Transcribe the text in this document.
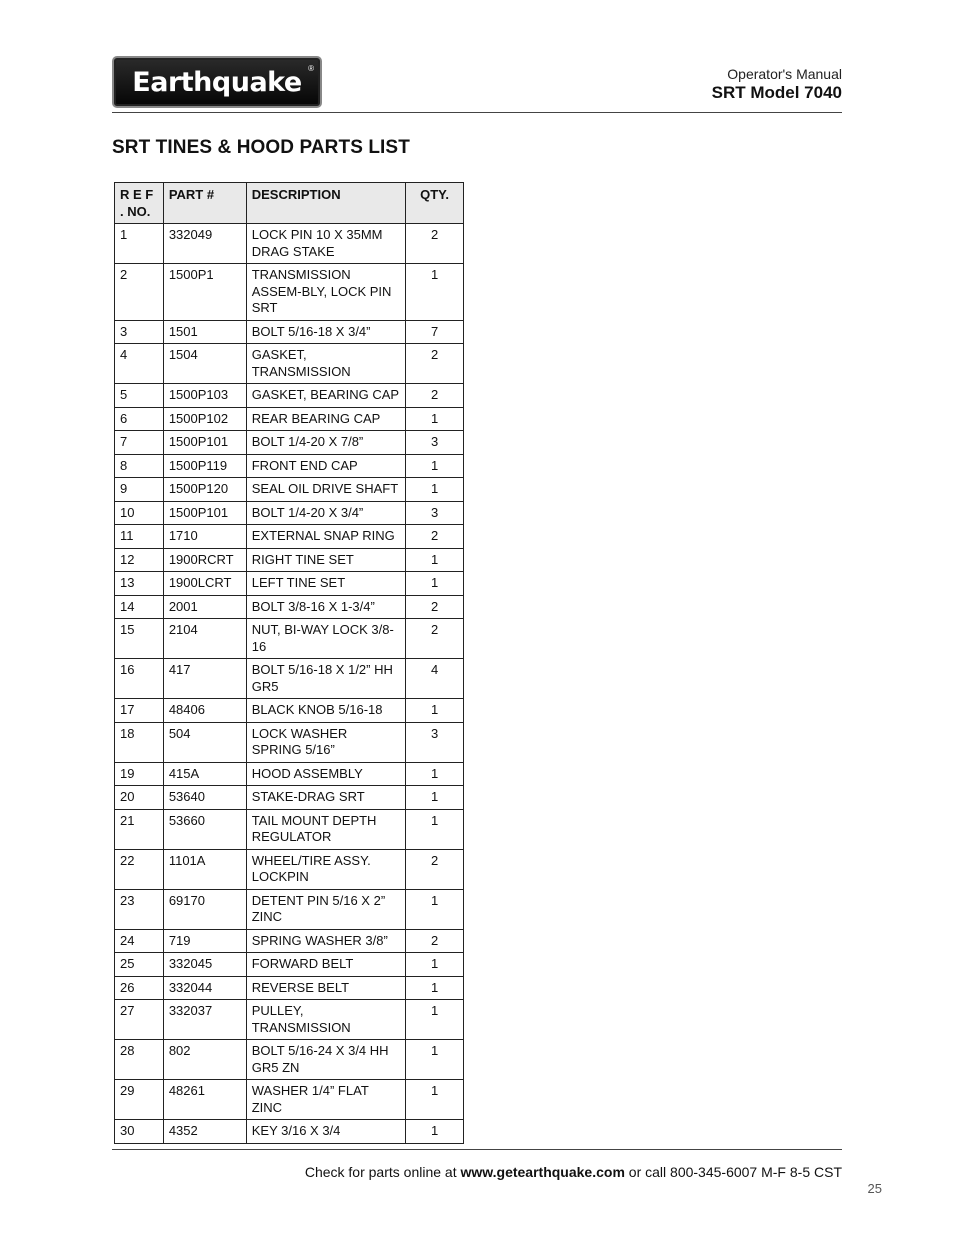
Earthquake ®	Operator's Manual
SRT Model 7040
SRT TINES & HOOD PARTS LIST
R E F . NO.	PART #	DESCRIPTION	QTY.
1	332049	LOCK PIN 10 X 35MM DRAG STAKE	2
2	1500P1	TRANSMISSION ASSEM-BLY, LOCK PIN SRT	1
3	1501	BOLT 5/16-18 X 3/4”	7
4	1504	GASKET, TRANSMISSION	2
5	1500P103	GASKET, BEARING CAP	2
6	1500P102	REAR BEARING CAP	1
7	1500P101	BOLT 1/4-20 X 7/8”	3
8	1500P119	FRONT END CAP	1
9	1500P120	SEAL OIL DRIVE SHAFT	1
10	1500P101	BOLT 1/4-20 X 3/4”	3
11	1710	EXTERNAL SNAP RING	2
12	1900RCRT	RIGHT TINE SET	1
13	1900LCRT	LEFT TINE SET	1
14	2001	BOLT 3/8-16 X 1-3/4”	2
15	2104	NUT, BI-WAY LOCK 3/8-16	2
16	417	BOLT 5/16-18 X 1/2” HH GR5	4
17	48406	BLACK KNOB 5/16-18	1
18	504	LOCK WASHER SPRING 5/16”	3
19	415A	HOOD ASSEMBLY	1
20	53640	STAKE-DRAG SRT	1
21	53660	TAIL MOUNT DEPTH REGULATOR	1
22	1101A	WHEEL/TIRE ASSY. LOCKPIN	2
23	69170	DETENT PIN 5/16 X 2” ZINC	1
24	719	SPRING WASHER 3/8”	2
25	332045	FORWARD BELT	1
26	332044	REVERSE BELT	1
27	332037	PULLEY, TRANSMISSION	1
28	802	BOLT 5/16-24 X 3/4 HH GR5 ZN	1
29	48261	WASHER 1/4” FLAT ZINC	1
30	4352	KEY 3/16 X 3/4	1
Check for parts online at www.getearthquake.com or call 800-345-6007 M-F 8-5 CST
25
